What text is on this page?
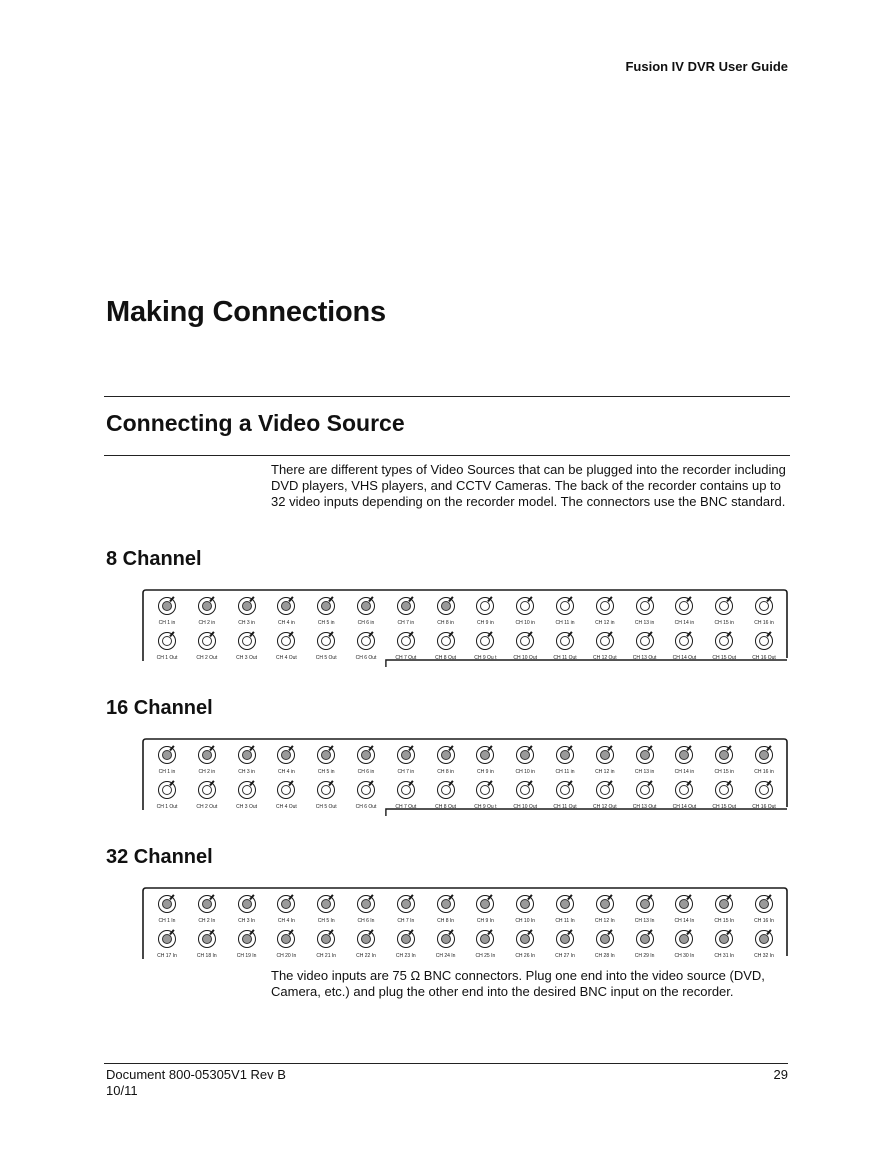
Fusion IV DVR User Guide
Making Connections
Connecting a Video Source
There are different types of Video Sources that can be plugged into the recorder including DVD players, VHS players, and CCTV Cameras. The back of the recorder contains up to 32 video inputs depending on the recorder model. The connectors use the BNC standard.
8 Channel
CH 1 in	CH 2 in	CH 3 in	CH 4 in	CH 5 in	CH 6 in	CH 7 in	CH 8 in	CH 9 in	CH 10 in	CH 11 in	CH 12 in	CH 13 in	CH 14 in	CH 15 in	CH 16 in
CH 1 Out	CH 2 Out	CH 3 Out	CH 4 Out	CH 5 Out	CH 6 Out	CH 7 Out	CH 8 Out	CH 9 Ou t	CH 10 Out	CH 11 Out	CH 12 Out	CH 13 Out	CH 14 Out	CH 15 Out	CH 16 Out
16 Channel
CH 1 in	CH 2 in	CH 3 in	CH 4 in	CH 5 in	CH 6 in	CH 7 in	CH 8 in	CH 9 in	CH 10 in	CH 11 in	CH 12 in	CH 13 in	CH 14 in	CH 15 in	CH 16 in
CH 1 Out	CH 2 Out	CH 3 Out	CH 4 Out	CH 5 Out	CH 6 Out	CH 7 Out	CH 8 Out	CH 9 Ou t	CH 10 Out	CH 11 Out	CH 12 Out	CH 13 Out	CH 14 Out	CH 15 Out	CH 16 Out
32 Channel
CH 1 In	CH 2 In	CH 3 In	CH 4 In	CH 5 In	CH 6 In	CH 7 In	CH 8 In	CH 9 In	CH 10 In	CH 11 In	CH 12 In	CH 13 In	CH 14 In	CH 15 In	CH 16 In
CH 17 In	CH 18 In	CH 19 In	CH 20 In	CH 21 In	CH 22 In	CH 23 In	CH 24 In	CH 25 In	CH 26 In	CH 27 In	CH 28 In	CH 29 In	CH 30 In	CH 31 In	CH 32 In
The video inputs are 75 Ω BNC connectors. Plug one end into the video source (DVD, Camera, etc.) and plug the other end into the desired BNC input on the recorder.
Document 800-05305V1 Rev B
10/11
29
